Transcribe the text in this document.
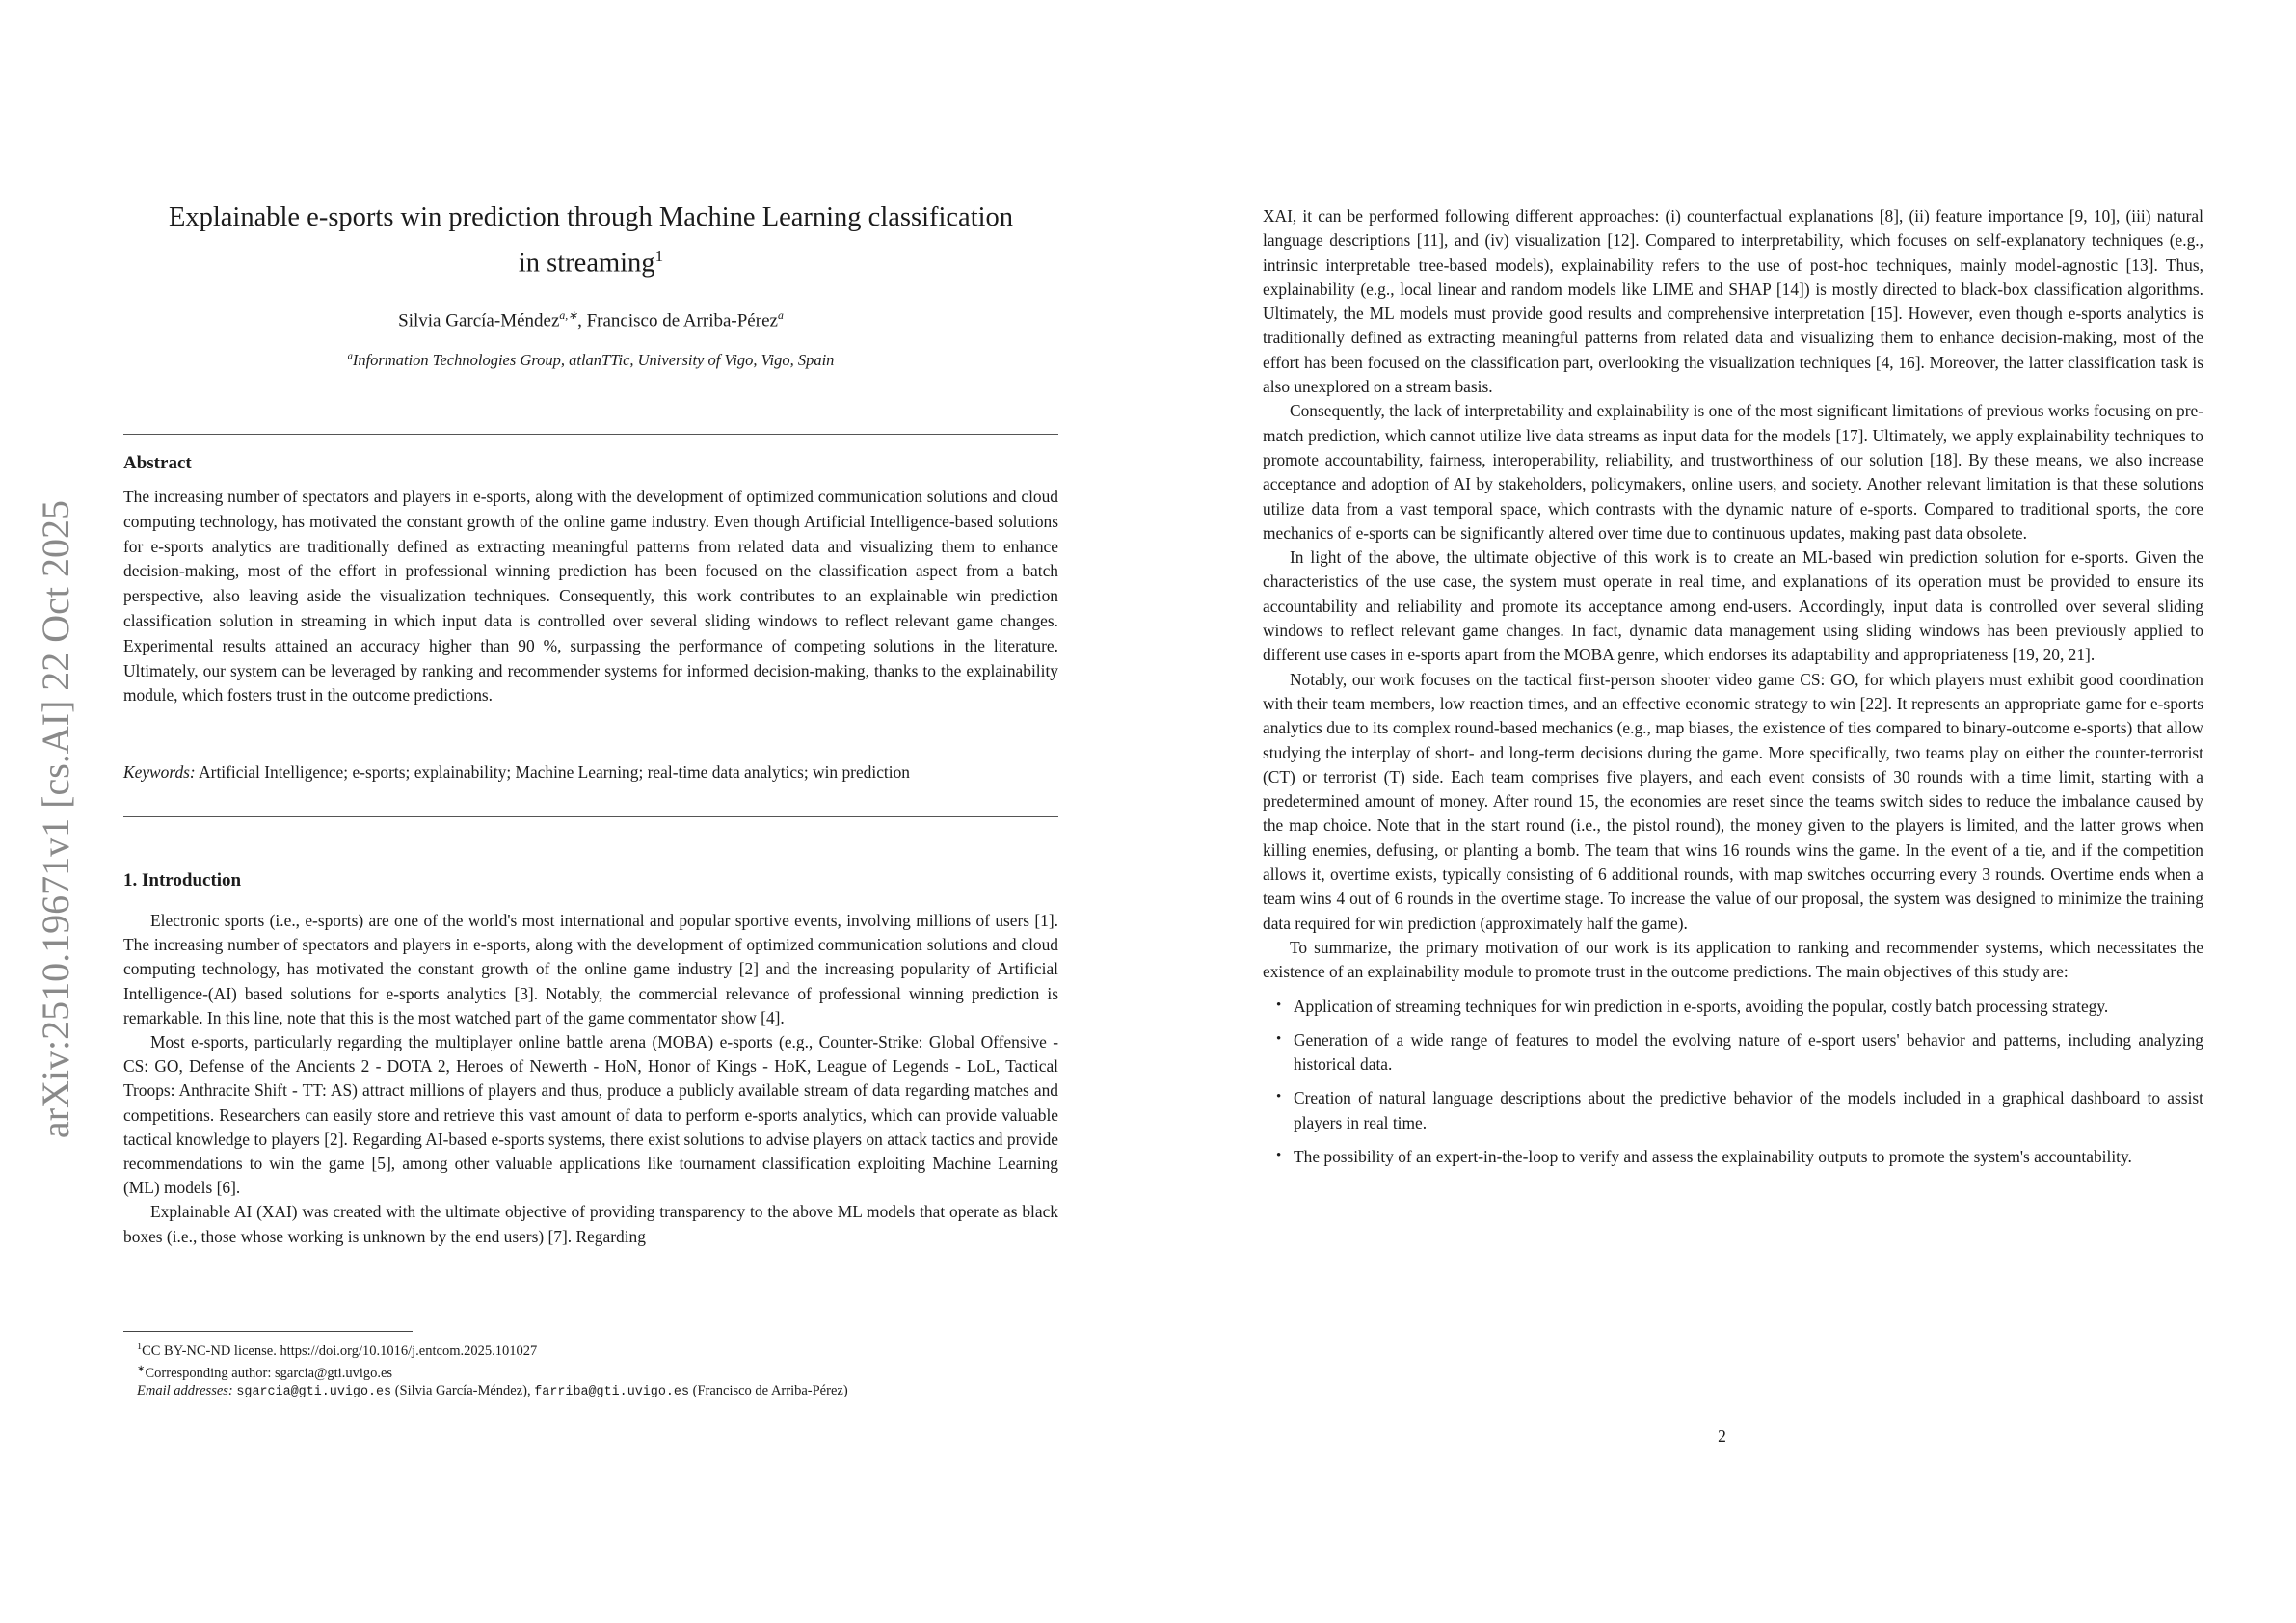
arXiv:2510.19671v1 [cs.AI] 22 Oct 2025
Explainable e-sports win prediction through Machine Learning classification
in streaming$^1$
Silvia García-Méndez$^{a,∗}$, Francisco de Arriba-Pérez$^a$
$^a$Information Technologies Group, atlanTTic, University of Vigo, Vigo, Spain
Abstract

The increasing number of spectators and players in e-sports, along with the development of optimized communication solutions and cloud computing technology, has motivated the constant growth of the online game industry. Even though Artificial Intelligence-based solutions for e-sports analytics are traditionally defined as extracting meaningful patterns from related data and visualizing them to enhance decision-making, most of the effort in professional winning prediction has been focused on the classification aspect from a batch perspective, also leaving aside the visualization techniques. Consequently, this work contributes to an explainable win prediction classification solution in streaming in which input data is controlled over several sliding windows to reflect relevant game changes. Experimental results attained an accuracy higher than 90 %, surpassing the performance of competing solutions in the literature. Ultimately, our system can be leveraged by ranking and recommender systems for informed decision-making, thanks to the explainability module, which fosters trust in the outcome predictions.

Keywords: Artificial Intelligence; e-sports; explainability; Machine Learning; real-time data analytics; win prediction

1. Introduction

Electronic sports (i.e., e-sports) are one of the world's most international and popular sportive events, involving millions of users [1]. The increasing number of spectators and players in e-sports, along with the development of optimized communication solutions and cloud computing technology, has motivated the constant growth of the online game industry [2] and the increasing popularity of Artificial Intelligence-(AI) based solutions for e-sports analytics [3]. Notably, the commercial relevance of professional winning prediction is remarkable. In this line, note that this is the most watched part of the game commentator show [4].

Most e-sports, particularly regarding the multiplayer online battle arena (MOBA) e-sports (e.g., Counter-Strike: Global Offensive - CS: GO, Defense of the Ancients 2 - DOTA 2, Heroes of Newerth - HoN, Honor of Kings - HoK, League of Legends - LoL, Tactical Troops: Anthracite Shift - TT: AS) attract millions of players and thus, produce a publicly available stream of data regarding matches and competitions. Researchers can easily store and retrieve this vast amount of data to perform e-sports analytics, which can provide valuable tactical knowledge to players [2]. Regarding AI-based e-sports systems, there exist solutions to advise players on attack tactics and provide recommendations to win the game [5], among other valuable applications like tournament classification exploiting Machine Learning (ML) models [6].

Explainable AI (XAI) was created with the ultimate objective of providing transparency to the above ML models that operate as black boxes (i.e., those whose working is unknown by the end users) [7]. Regarding

$^1$CC BY-NC-ND license. https://doi.org/10.1016/j.entcom.2025.101027

∗Corresponding author: sgarcia@gti.uvigo.es

Email addresses: sgarcia@gti.uvigo.es (Silvia García-Méndez), farriba@gti.uvigo.es (Francisco de Arriba-Pérez)

XAI, it can be performed following different approaches: (i) counterfactual explanations [8], (ii) feature importance [9, 10], (iii) natural language descriptions [11], and (iv) visualization [12]. Compared to interpretability, which focuses on self-explanatory techniques (e.g., intrinsic interpretable tree-based models), explainability refers to the use of post-hoc techniques, mainly model-agnostic [13]. Thus, explainability (e.g., local linear and random models like LIME and SHAP [14]) is mostly directed to black-box classification algorithms. Ultimately, the ML models must provide good results and comprehensive interpretation [15]. However, even though e-sports analytics is traditionally defined as extracting meaningful patterns from related data and visualizing them to enhance decision-making, most of the effort has been focused on the classification part, overlooking the visualization techniques [4, 16]. Moreover, the latter classification task is also unexplored on a stream basis.

Consequently, the lack of interpretability and explainability is one of the most significant limitations of previous works focusing on pre-match prediction, which cannot utilize live data streams as input data for the models [17]. Ultimately, we apply explainability techniques to promote accountability, fairness, interoperability, reliability, and trustworthiness of our solution [18]. By these means, we also increase acceptance and adoption of AI by stakeholders, policymakers, online users, and society. Another relevant limitation is that these solutions utilize data from a vast temporal space, which contrasts with the dynamic nature of e-sports. Compared to traditional sports, the core mechanics of e-sports can be significantly altered over time due to continuous updates, making past data obsolete.

In light of the above, the ultimate objective of this work is to create an ML-based win prediction solution for e-sports. Given the characteristics of the use case, the system must operate in real time, and explanations of its operation must be provided to ensure its accountability and reliability and promote its acceptance among end-users. Accordingly, input data is controlled over several sliding windows to reflect relevant game changes. In fact, dynamic data management using sliding windows has been previously applied to different use cases in e-sports apart from the MOBA genre, which endorses its adaptability and appropriateness [19, 20, 21].

Notably, our work focuses on the tactical first-person shooter video game CS: GO, for which players must exhibit good coordination with their team members, low reaction times, and an effective economic strategy to win [22]. It represents an appropriate game for e-sports analytics due to its complex round-based mechanics (e.g., map biases, the existence of ties compared to binary-outcome e-sports) that allow studying the interplay of short- and long-term decisions during the game. More specifically, two teams play on either the counter-terrorist (CT) or terrorist (T) side. Each team comprises five players, and each event consists of 30 rounds with a time limit, starting with a predetermined amount of money. After round 15, the economies are reset since the teams switch sides to reduce the imbalance caused by the map choice. Note that in the start round (i.e., the pistol round), the money given to the players is limited, and the latter grows when killing enemies, defusing, or planting a bomb. The team that wins 16 rounds wins the game. In the event of a tie, and if the competition allows it, overtime exists, typically consisting of 6 additional rounds, with map switches occurring every 3 rounds. Overtime ends when a team wins 4 out of 6 rounds in the overtime stage. To increase the value of our proposal, the system was designed to minimize the training data required for win prediction (approximately half the game).

To summarize, the primary motivation of our work is its application to ranking and recommender systems, which necessitates the existence of an explainability module to promote trust in the outcome predictions. The main objectives of this study are:

• Application of streaming techniques for win prediction in e-sports, avoiding the popular, costly batch processing strategy.
• Generation of a wide range of features to model the evolving nature of e-sport users' behavior and patterns, including analyzing historical data.
• Creation of natural language descriptions about the predictive behavior of the models included in a graphical dashboard to assist players in real time.
• The possibility of an expert-in-the-loop to verify and assess the explainability outputs to promote the system's accountability.
2
